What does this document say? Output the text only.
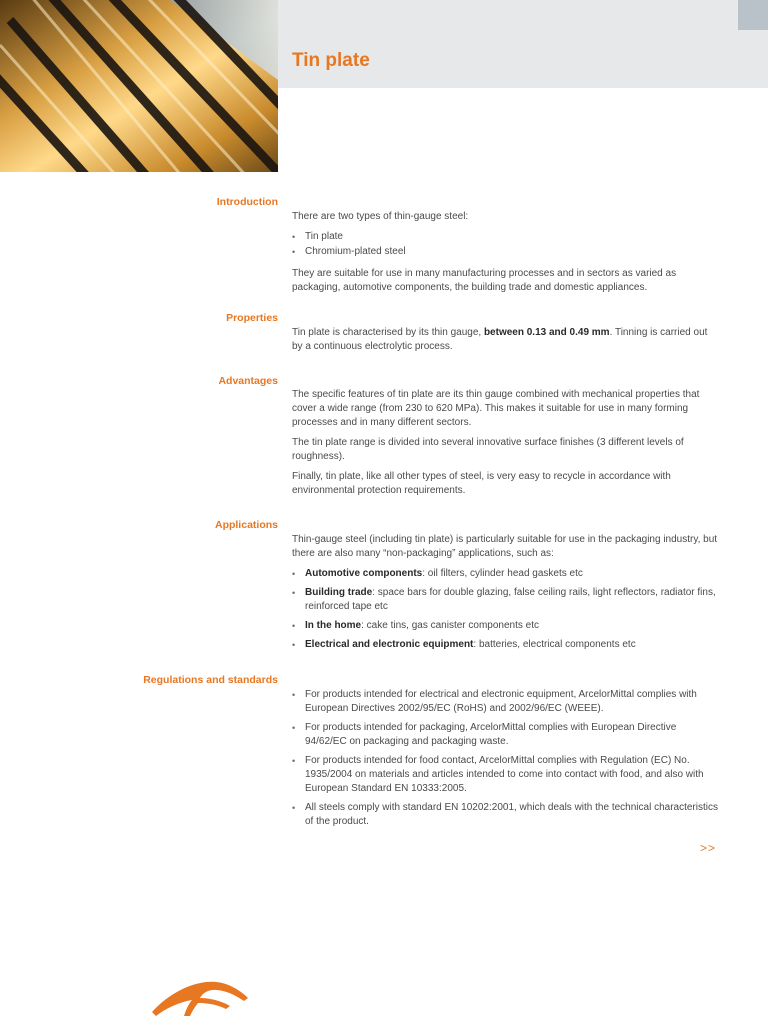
Tin plate
Introduction

There are two types of thin-gauge steel:

• Tin plate
• Chromium-plated steel

They are suitable for use in many manufacturing processes and in sectors as varied as packaging, automotive components, the building trade and domestic appliances.

Properties

Tin plate is characterised by its thin gauge, between 0.13 and 0.49 mm. Tinning is carried out by a continuous electrolytic process.

Advantages

The specific features of tin plate are its thin gauge combined with mechanical properties that cover a wide range (from 230 to 620 MPa). This makes it suitable for use in many forming processes and in many different sectors.

The tin plate range is divided into several innovative surface finishes (3 different levels of roughness).

Finally, tin plate, like all other types of steel, is very easy to recycle in accordance with environmental protection requirements.

Applications

Thin-gauge steel (including tin plate) is particularly suitable for use in the packaging industry, but there are also many “non-packaging” applications, such as:

• Automotive components: oil filters, cylinder head gaskets etc
• Building trade: space bars for double glazing, false ceiling rails, light reflectors, radiator fins, reinforced tape etc
• In the home: cake tins, gas canister components etc
• Electrical and electronic equipment: batteries, electrical components etc
Regulations and standards
• For products intended for electrical and electronic equipment, ArcelorMittal complies with European Directives 2002/95/EC (RoHS) and 2002/96/EC (WEEE).
• For products intended for packaging, ArcelorMittal complies with European Directive 94/62/EC on packaging and packaging waste.
• For products intended for food contact, ArcelorMittal complies with Regulation (EC) No. 1935/2004 on materials and articles intended to come into contact with food, and also with European Standard EN 10333:2005.
• All steels comply with standard EN 10202:2001, which deals with the technical characteristics of the product.
>>
